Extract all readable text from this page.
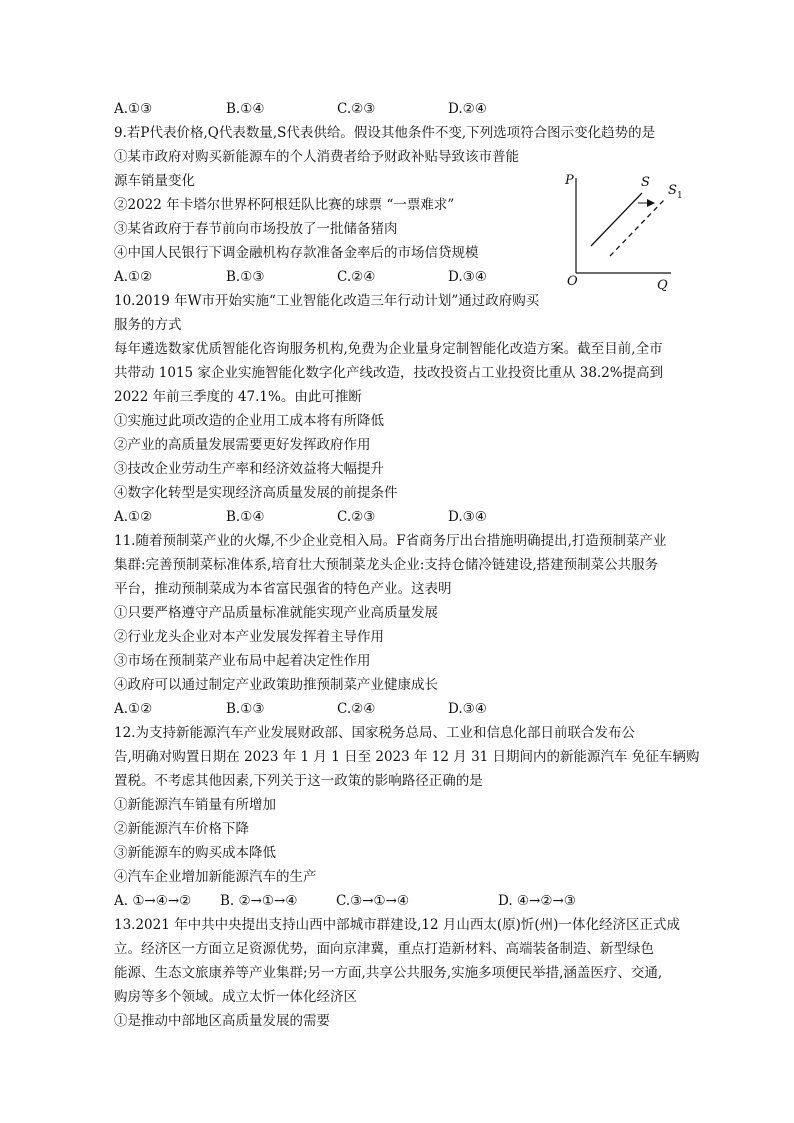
A.①③	B.①④	C.②③	D.②④
9.若P代表价格,Q代表数量,S代表供给。假设其他条件不变,下列选项符合图示变化趋势的是
①某市政府对购买新能源车的个人消费者给予财政补贴导致该市普能
源车销量变化
②2022 年卡塔尔世界杯阿根廷队比赛的球票 “一票难求”
③某省政府于春节前向市场投放了一批储备猪肉
④中国人民银行下调金融机构存款准备金率后的市场信贷规模
A.①②	B.①③	C.②④	D.③④
P
Q
O
S
S 1
10.2019 年W市开始实施“工业智能化改造三年行动计划”通过政府购买
服务的方式
每年遴选数家优质智能化咨询服务机构,免费为企业量身定制智能化改造方案。截至目前,全市
共带动 1015 家企业实施智能化数字化产线改造，技改投资占工业投资比重从 38.2%提高到
2022 年前三季度的 47.1%。由此可推断
①实施过此项改造的企业用工成本将有所降低
②产业的高质量发展需要更好发挥政府作用
③技改企业劳动生产率和经济效益将大幅提升
④数字化转型是实现经济高质量发展的前提条件
A.①②	B.①④	C.②③	D.③④
11.随着预制菜产业的火爆,不少企业竞相入局。F省商务厅出台措施明确提出,打造预制菜产业
集群:完善预制菜标准体系,培育壮大预制菜龙头企业:支持仓储冷链建设,搭建预制菜公共服务
平台，推动预制菜成为本省富民强省的特色产业。这表明
①只要严格遵守产品质量标准就能实现产业高质量发展
②行业龙头企业对本产业发展发挥着主导作用
③市场在预制菜产业布局中起着决定性作用
④政府可以通过制定产业政策助推预制菜产业健康成长
A.①②	B.①③	C.②④	D.③④
12.为支持新能源汽车产业发展财政部、国家税务总局、工业和信息化部日前联合发布公
告,明确对购置日期在 2023 年 1 月 1 日至 2023 年 12 月 31 日期间内的新能源汽车 免征车辆购
置税。不考虑其他因素,下列关于这一政策的影响路径正确的是
①新能源汽车销量有所增加
②新能源汽车价格下降
③新能源车的购买成本降低
④汽车企业增加新能源汽车的生产
A. ①→④→② B. ②→①→④	C.③→①→④	D. ④→②→③
13.2021 年中共中央提出支持山西中部城市群建设,12 月山西太(原)忻(州)一体化经济区正式成
立。经济区一方面立足资源优势，面向京津冀，重点打造新材料、高端装备制造、新型绿色
能源、生态文旅康养等产业集群;另一方面,共享公共服务,实施多项便民举措,涵盖医疗、交通,
购房等多个领域。成立太忻一体化经济区
①是推动中部地区高质量发展的需要
